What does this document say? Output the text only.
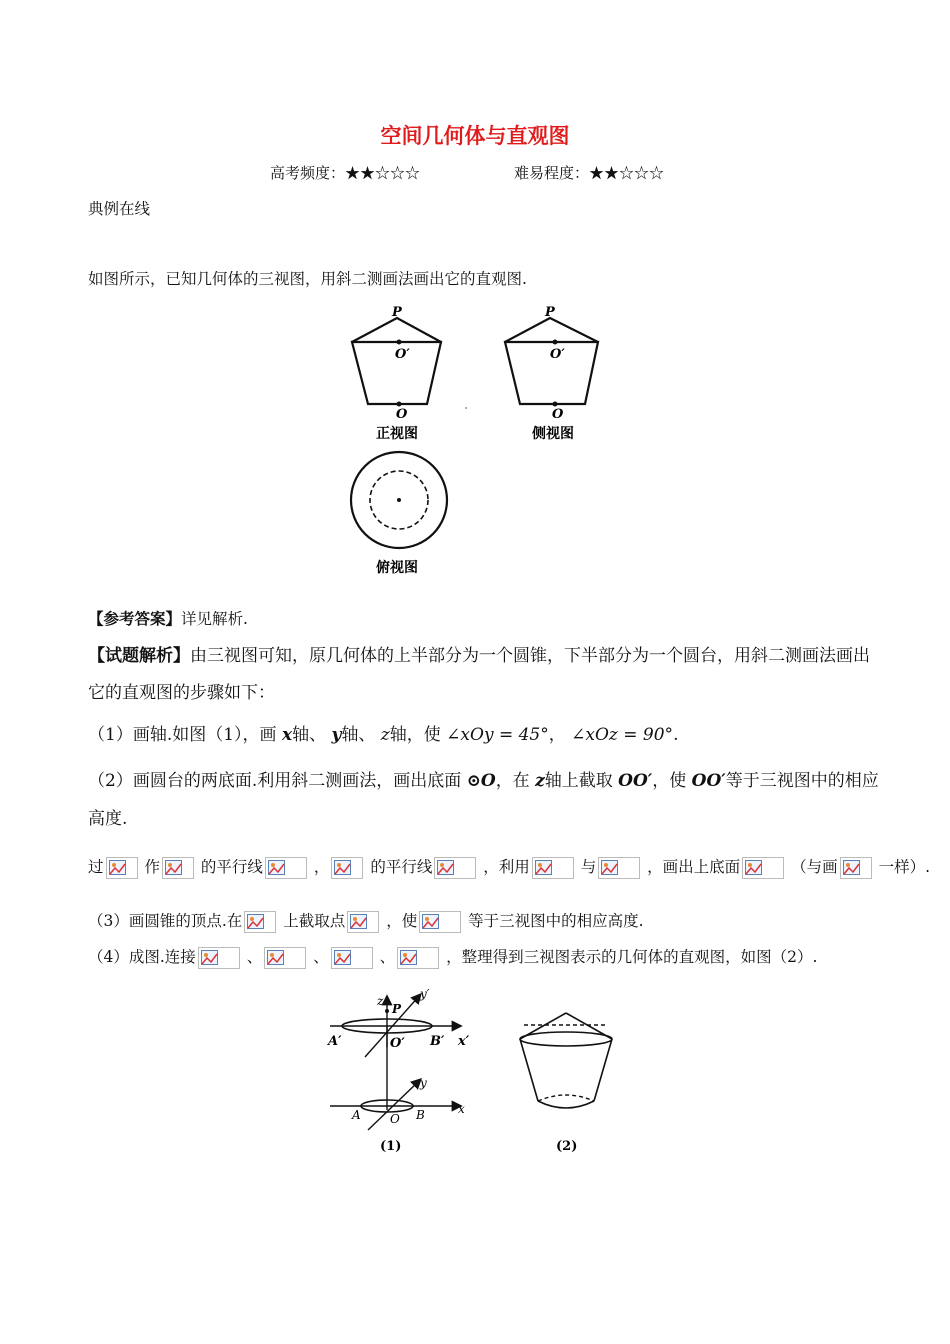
空间几何体与直观图
高考频度：★★☆☆☆	难易程度：★★☆☆☆
典例在线
如图所示，已知几何体的三视图，用斜二测画法画出它的直观图.
P
O′
O
正视图
P
O′
O
侧视图
俯视图
【参考答案】详见解析.
【试题解析】由三视图可知，原几何体的上半部分为一个圆锥，下半部分为一个圆台，用斜二测画法画出
它的直观图的步骤如下：
（1）画轴.如图（1），画 x轴、 y轴、 z轴，使 ∠xOy = 45°， ∠xOz = 90°.
（2）画圆台的两底面.利用斜二测画法，画出底面 ⊙O，在 z轴上截取 OO′，使 OO′等于三视图中的相应
高度.
过	作	的平行线	，	的平行线	，利用	与	，画出上底面	（与画	一样）.
（3）画圆锥的顶点.在	上截取点	，使	等于三视图中的相应高度.
（4）成图.连接	、	、	、	，整理得到三视图表示的几何体的直观图，如图（2）.
z
x′
y′
P
A′	O′ B′
x
y
A O B
(1)	(2)
